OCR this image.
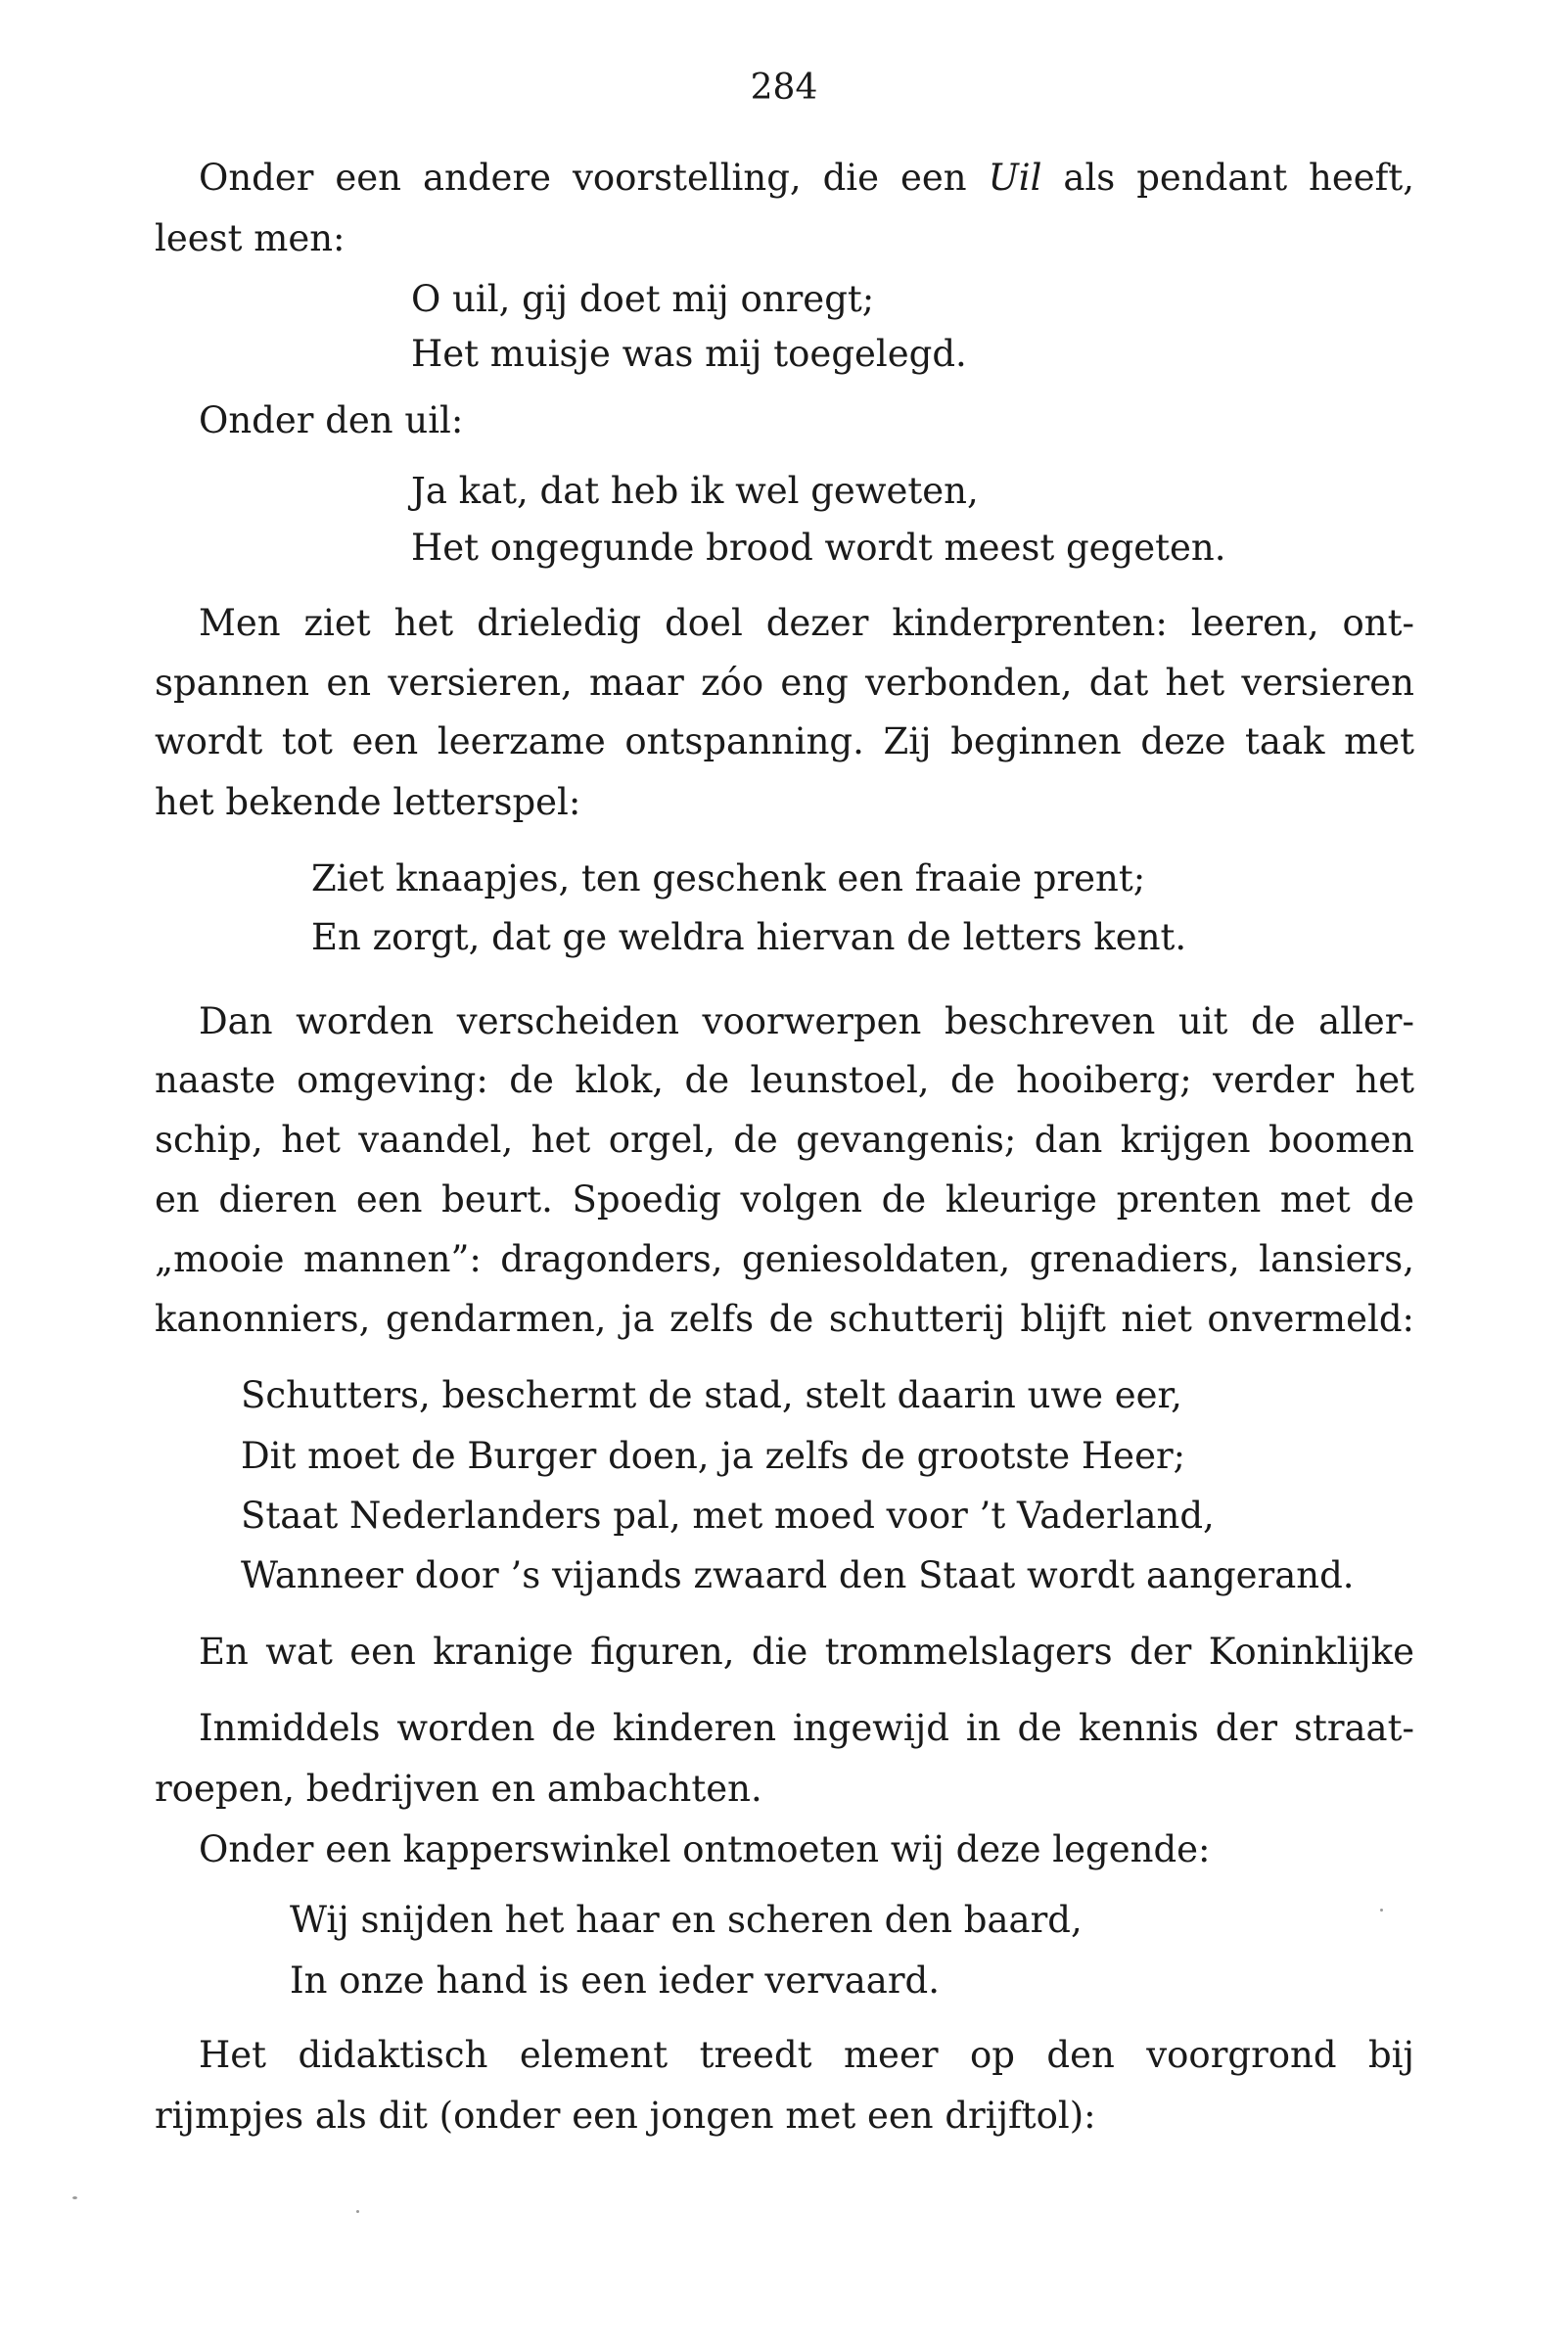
284
Onder een andere voorstelling, die een Uil als pendant heeft,
leest men:
O uil, gij doet mij onregt;
Het muisje was mij toegelegd.
Onder den uil:
Ja kat, dat heb ik wel geweten,
Het ongegunde brood wordt meest gegeten.
Men ziet het drieledig doel dezer kinderprenten: leeren, ont-
spannen en versieren, maar zóo eng verbonden, dat het versieren
wordt tot een leerzame ontspanning. Zij beginnen deze taak met
het bekende letterspel:
Ziet knaapjes, ten geschenk een fraaie prent;
En zorgt, dat ge weldra hiervan de letters kent.
Dan worden verscheiden voorwerpen beschreven uit de aller-
naaste omgeving: de klok, de leunstoel, de hooiberg; verder het
schip, het vaandel, het orgel, de gevangenis; dan krijgen boomen
en dieren een beurt. Spoedig volgen de kleurige prenten met de
„mooie mannen”: dragonders, geniesoldaten, grenadiers, lansiers,
kanonniers, gendarmen, ja zelfs de schutterij blijft niet onvermeld:
Schutters, beschermt de stad, stelt daarin uwe eer,
Dit moet de Burger doen, ja zelfs de grootste Heer;
Staat Nederlanders pal, met moed voor ’t Vaderland,
Wanneer door ’s vijands zwaard den Staat wordt aangerand.
En wat een kranige figuren, die trommelslagers der Koninklijke
Inmiddels worden de kinderen ingewijd in de kennis der straat-
roepen, bedrijven en ambachten.
Onder een kapperswinkel ontmoeten wij deze legende:
Wij snijden het haar en scheren den baard,
In onze hand is een ieder vervaard.
Het didaktisch element treedt meer op den voorgrond bij
rijmpjes als dit (onder een jongen met een drijftol):
